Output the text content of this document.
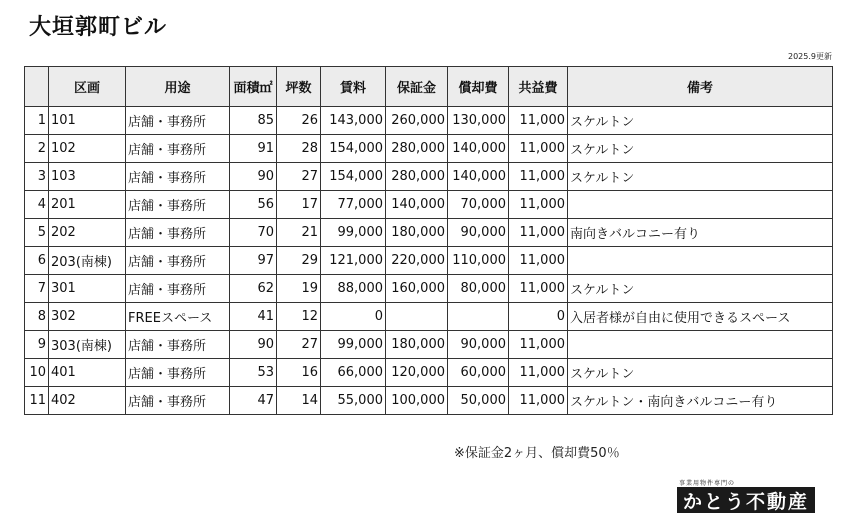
大垣郭町ビル
2025.9更新
	区画	用途	面積㎡	坪数	賃料	保証金	償却費	共益費	備考
1	101	店舗・事務所	85	26	143,000	260,000	130,000	11,000	スケルトン
2	102	店舗・事務所	91	28	154,000	280,000	140,000	11,000	スケルトン
3	103	店舗・事務所	90	27	154,000	280,000	140,000	11,000	スケルトン
4	201	店舗・事務所	56	17	77,000	140,000	70,000	11,000	
5	202	店舗・事務所	70	21	99,000	180,000	90,000	11,000	南向きバルコニー有り
6	203(南棟)	店舗・事務所	97	29	121,000	220,000	110,000	11,000	
7	301	店舗・事務所	62	19	88,000	160,000	80,000	11,000	スケルトン
8	302	FREEスペース	41	12	0			0	入居者様が自由に使用できるスペース
9	303(南棟)	店舗・事務所	90	27	99,000	180,000	90,000	11,000	
10	401	店舗・事務所	53	16	66,000	120,000	60,000	11,000	スケルトン
11	402	店舗・事務所	47	14	55,000	100,000	50,000	11,000	スケルトン・南向きバルコニー有り
※保証金2ヶ月、償却費50％
事業用物件専門の
かとう不動産
